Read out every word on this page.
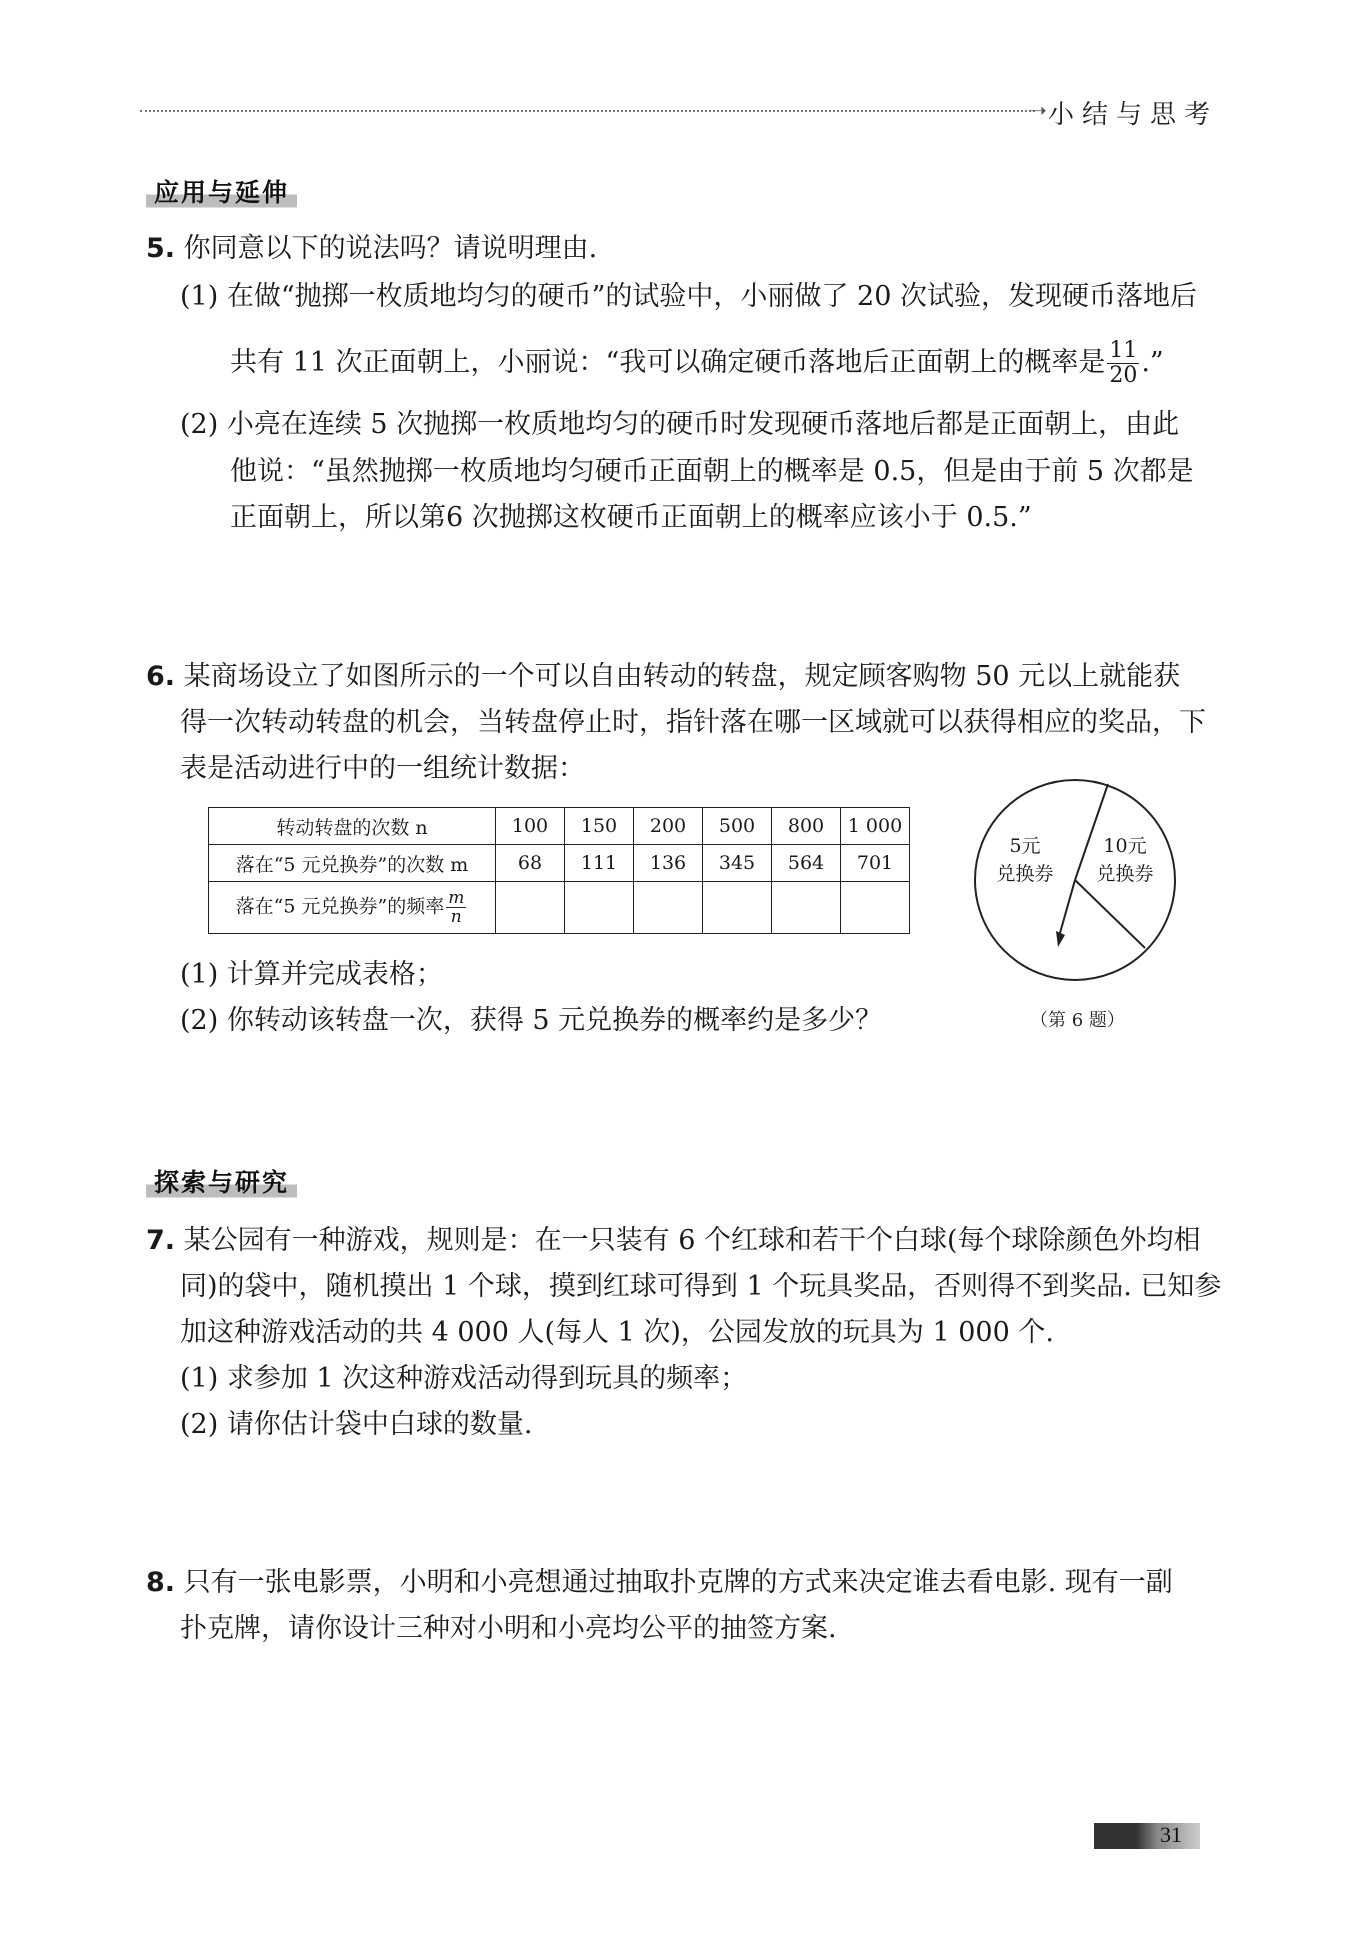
➝ 小结与思考
应用与延伸
5. 你同意以下的说法吗？请说明理由.
(1) 在做“抛掷一枚质地均匀的硬币”的试验中，小丽做了 20 次试验，发现硬币落地后
共有 11 次正面朝上，小丽说：“我可以确定硬币落地后正面朝上的概率是 $\frac{11}{20}$ .”
(2) 小亮在连续 5 次抛掷一枚质地均匀的硬币时发现硬币落地后都是正面朝上，由此
他说：“虽然抛掷一枚质地均匀硬币正面朝上的概率是 0.5，但是由于前 5 次都是
正面朝上，所以第6 次抛掷这枚硬币正面朝上的概率应该小于 0.5.”
6. 某商场设立了如图所示的一个可以自由转动的转盘，规定顾客购物 50 元以上就能获
得一次转动转盘的机会，当转盘停止时，指针落在哪一区域就可以获得相应的奖品，下
表是活动进行中的一组统计数据：
转动转盘的次数 n	100	150	200	500	800	1 000
落在“5 元兑换券”的次数 m	68	111	136	345	564	701
落在“5 元兑换券”的频率 $\frac{m}{n}$

5元
兑换券
10元
兑换券
（第 6 题）
(1) 计算并完成表格；
(2) 你转动该转盘一次，获得 5 元兑换券的概率约是多少？
探索与研究
7. 某公园有一种游戏，规则是：在一只装有 6 个红球和若干个白球(每个球除颜色外均相
同)的袋中，随机摸出 1 个球，摸到红球可得到 1 个玩具奖品，否则得不到奖品. 已知参
加这种游戏活动的共 4 000 人(每人 1 次)，公园发放的玩具为 1 000 个.
(1) 求参加 1 次这种游戏活动得到玩具的频率；
(2) 请你估计袋中白球的数量.
8. 只有一张电影票，小明和小亮想通过抽取扑克牌的方式来决定谁去看电影. 现有一副
扑克牌，请你设计三种对小明和小亮均公平的抽签方案.
31
